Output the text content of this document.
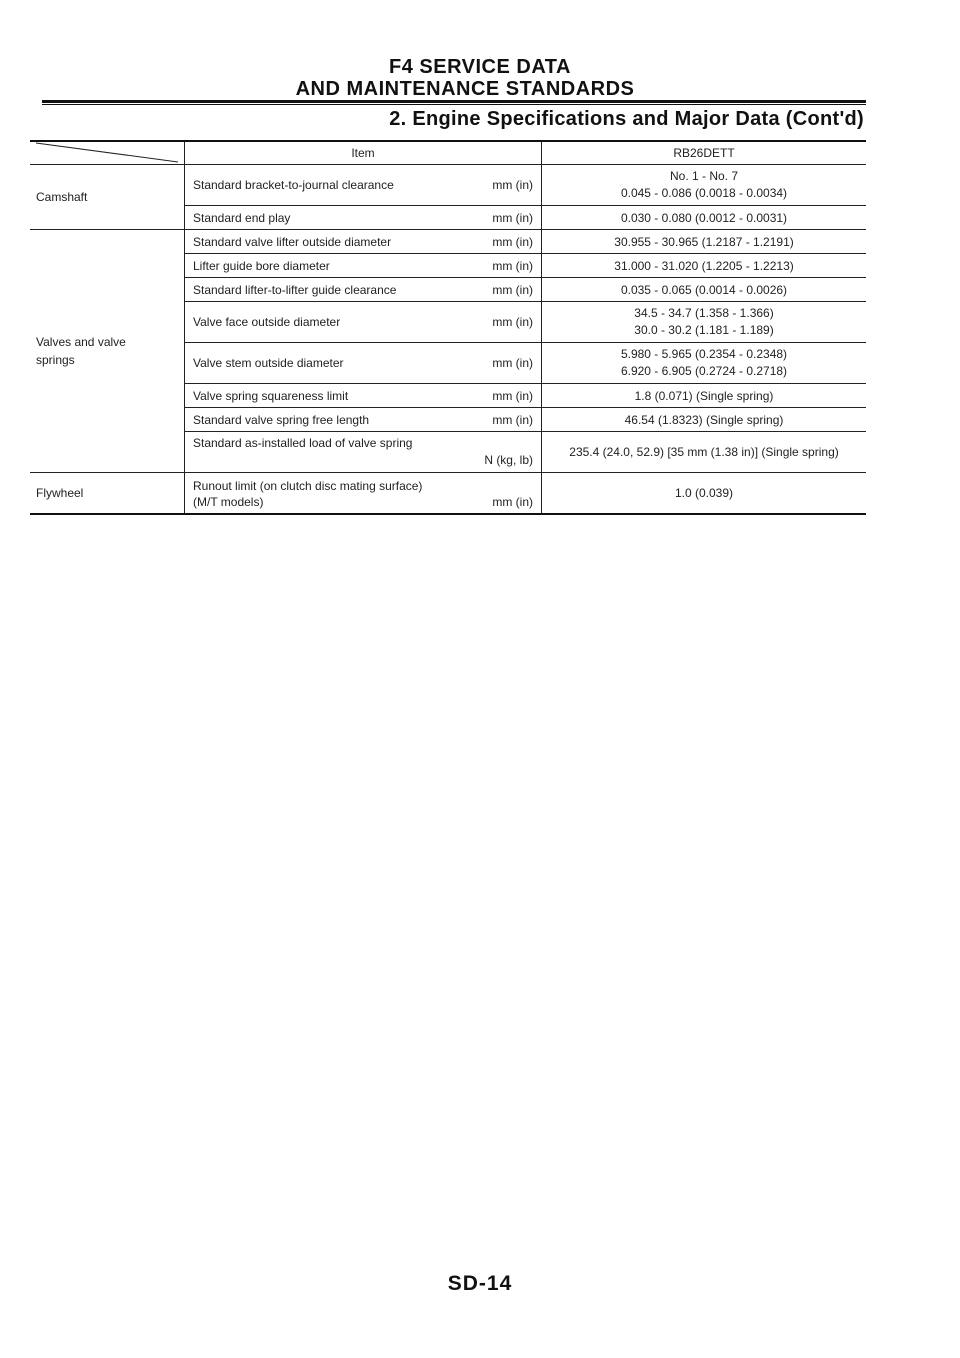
F4 SERVICE DATA
AND MAINTENANCE STANDARDS
2. Engine Specifications and Major Data (Cont'd)
	Item	RB26DETT
Camshaft	Standard bracket-to-journal clearance mm (in)	No. 1 - No. 7
0.045 - 0.086 (0.0018 - 0.0034)

	Standard end play mm (in)	0.030 - 0.080 (0.0012 - 0.0031)

Valves and valve springs	Standard valve lifter outside diameter mm (in)	30.955 - 30.965 (1.2187 - 1.2191)

	Lifter guide bore diameter mm (in)	31.000 - 31.020 (1.2205 - 1.2213)

	Standard lifter-to-lifter guide clearance mm (in)	0.035 - 0.065 (0.0014 - 0.0026)

	Valve face outside diameter mm (in)	34.5 - 34.7 (1.358 - 1.366)
30.0 - 30.2 (1.181 - 1.189)

	Valve stem outside diameter mm (in)	5.980 - 5.965 (0.2354 - 0.2348)
6.920 - 6.905 (0.2724 - 0.2718)

	Valve spring squareness limit mm (in)	1.8 (0.071) (Single spring)

	Standard valve spring free length mm (in)	46.54 (1.8323) (Single spring)

	Standard as-installed load of valve spring
N (kg, lb)	235.4 (24.0, 52.9) [35 mm (1.38 in)] (Single spring)
Flywheel	Runout limit (on clutch disc mating surface)
(M/T models) mm (in)	1.0 (0.039)
SD-14
